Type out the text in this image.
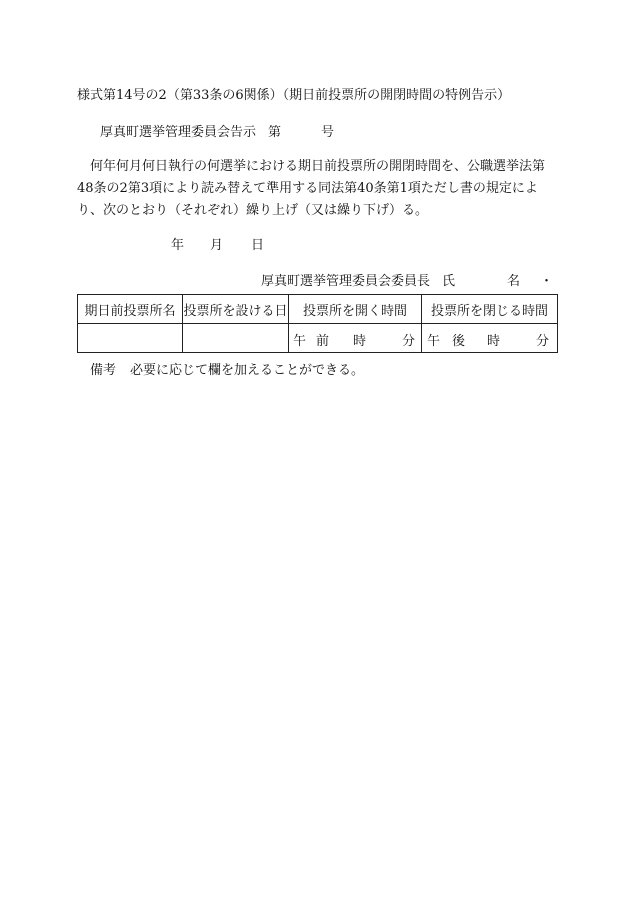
様式第14号の2（第33条の6関係）（期日前投票所の開閉時間の特例告示）
厚真町選挙管理委員会告示 第	号
何年何月何日執行の何選挙における期日前投票所の開閉時間を、公職選挙法第48条の2第3項により読み替えて準用する同法第40条第1項ただし書の規定により、次のとおり（それぞれ）繰り上げ（又は繰り下げ）る。
年 月 日
厚真町選挙管理委員会委員長 氏	名 ・
期日前投票所名	投票所を設ける日	投票所を開く時間	投票所を閉じる時間

		午 前 時 分	午 後 時 分
備考 必要に応じて欄を加えることができる。
